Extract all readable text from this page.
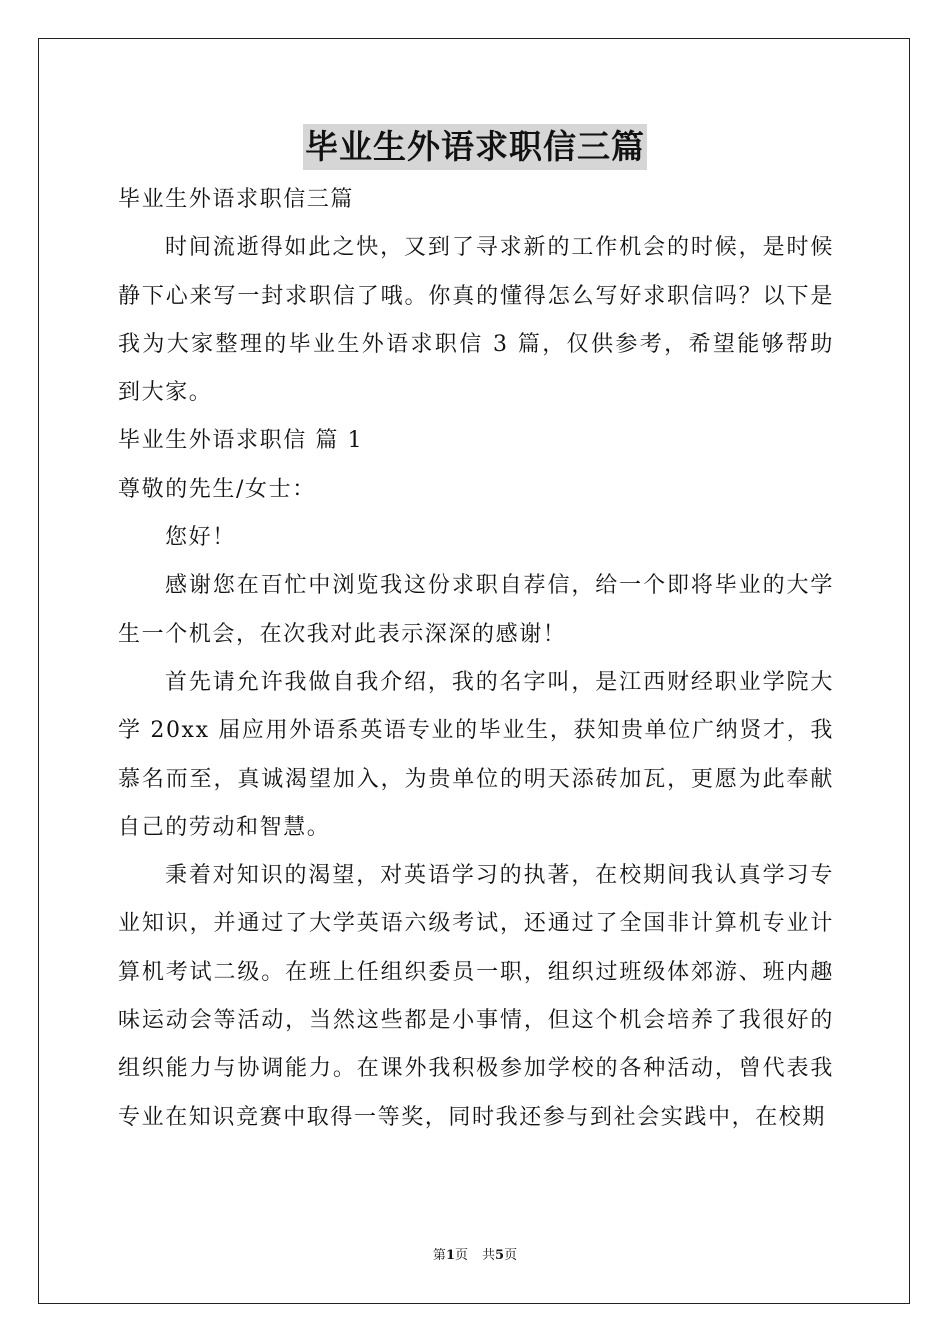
毕业生外语求职信三篇

毕业生外语求职信三篇

时间流逝得如此之快，又到了寻求新的工作机会的时候，是时候静下心来写一封求职信了哦。你真的懂得怎么写好求职信吗？以下是我为大家整理的毕业生外语求职信 3 篇，仅供参考，希望能够帮助到大家。

毕业生外语求职信 篇 1

尊敬的先生/女士：

您好！

感谢您在百忙中浏览我这份求职自荐信，给一个即将毕业的大学生一个机会，在次我对此表示深深的感谢！

首先请允许我做自我介绍，我的名字叫，是江西财经职业学院大学 20xx 届应用外语系英语专业的毕业生，获知贵单位广纳贤才，我慕名而至，真诚渴望加入，为贵单位的明天添砖加瓦，更愿为此奉献自己的劳动和智慧。

秉着对知识的渴望，对英语学习的执著，在校期间我认真学习专业知识，并通过了大学英语六级考试，还通过了全国非计算机专业计算机考试二级。在班上任组织委员一职，组织过班级体郊游、班内趣味运动会等活动，当然这些都是小事情，但这个机会培养了我很好的组织能力与协调能力。在课外我积极参加学校的各种活动，曾代表我专业在知识竞赛中取得一等奖，同时我还参与到社会实践中，在校期

第1页 共5页
